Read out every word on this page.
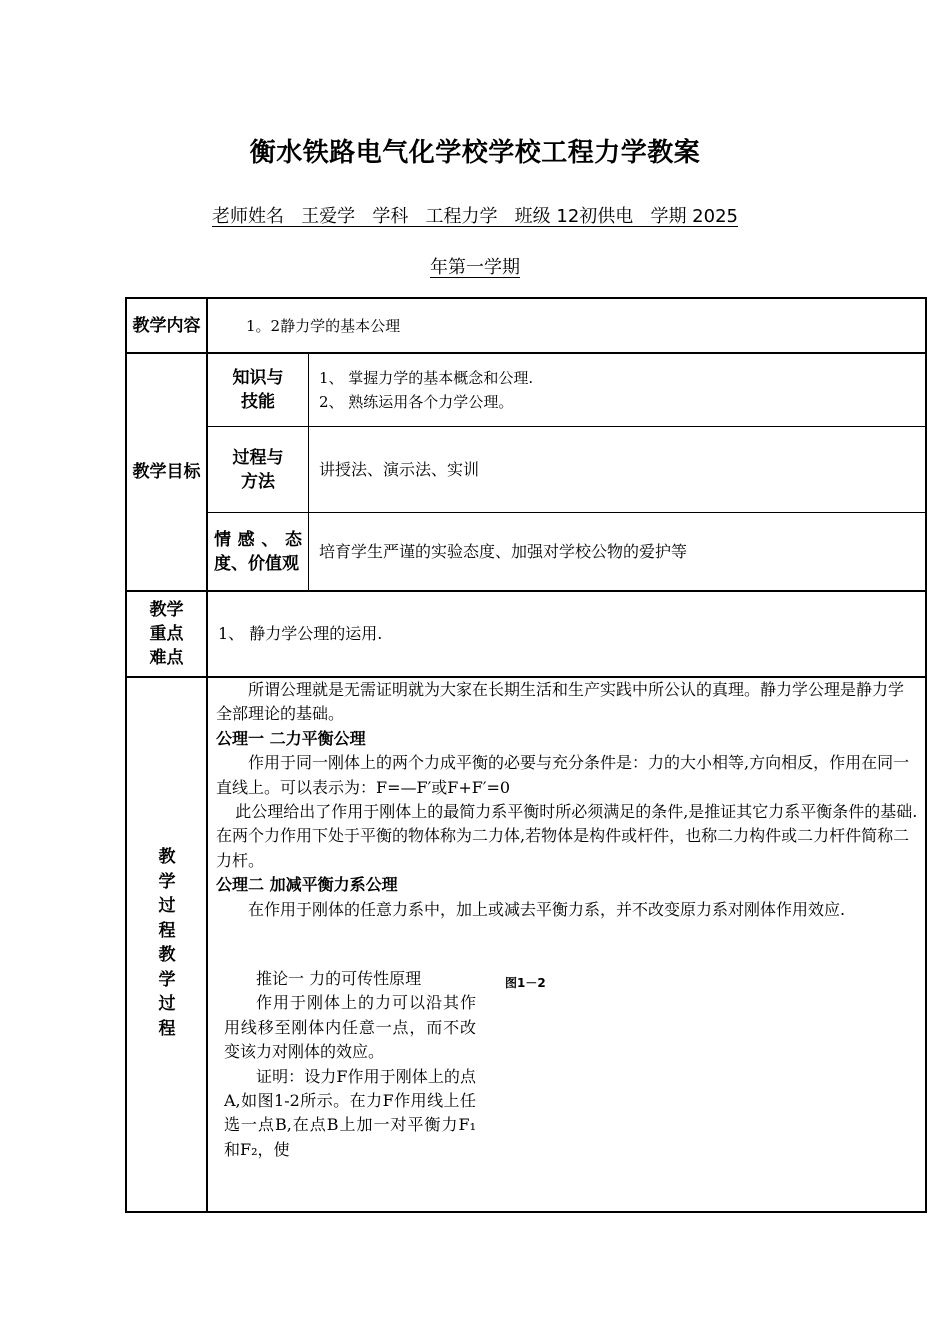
衡水铁路电气化学校学校工程力学教案
老师姓名   王爱学   学科   工程力学   班级 12初供电   学期 2025
年第一学期
教学内容	1。2静力学的基本公理
教学目标
知识与技能
1、 掌握力学的基本概念和公理.
2、 熟练运用各个力学公理。
过程与方法
讲授法、演示法、实训
情感、态度、价值观
培育学生严谨的实验态度、加强对学校公物的爱护等
教学重点难点
1、 静力学公理的运用.
教学过程教学过程

所谓公理就是无需证明就为大家在长期生活和生产实践中所公认的真理。静力学公理是静力学全部理论的基础。

公理一 二力平衡公理

作用于同一刚体上的两个力成平衡的必要与充分条件是：力的大小相等,方向相反，作用在同一直线上。可以表示为：F=—F′或F+F′=0

此公理给出了作用于刚体上的最简力系平衡时所必须满足的条件,是推证其它力系平衡条件的基础.在两个力作用下处于平衡的物体称为二力体,若物体是构件或杆件，也称二力构件或二力杆件简称二力杆。

公理二 加减平衡力系公理

在作用于刚体的任意力系中，加上或减去平衡力系，并不改变原力系对刚体作用效应.

推论一 力的可传性原理

作用于刚体上的力可以沿其作用线移至刚体内任意一点，而不改变该力对刚体的效应。

证明：设力F作用于刚体上的点A,如图1-2所示。在力F作用线上任选一点B,在点B上加一对平衡力F₁和F₂，使

图1－2
